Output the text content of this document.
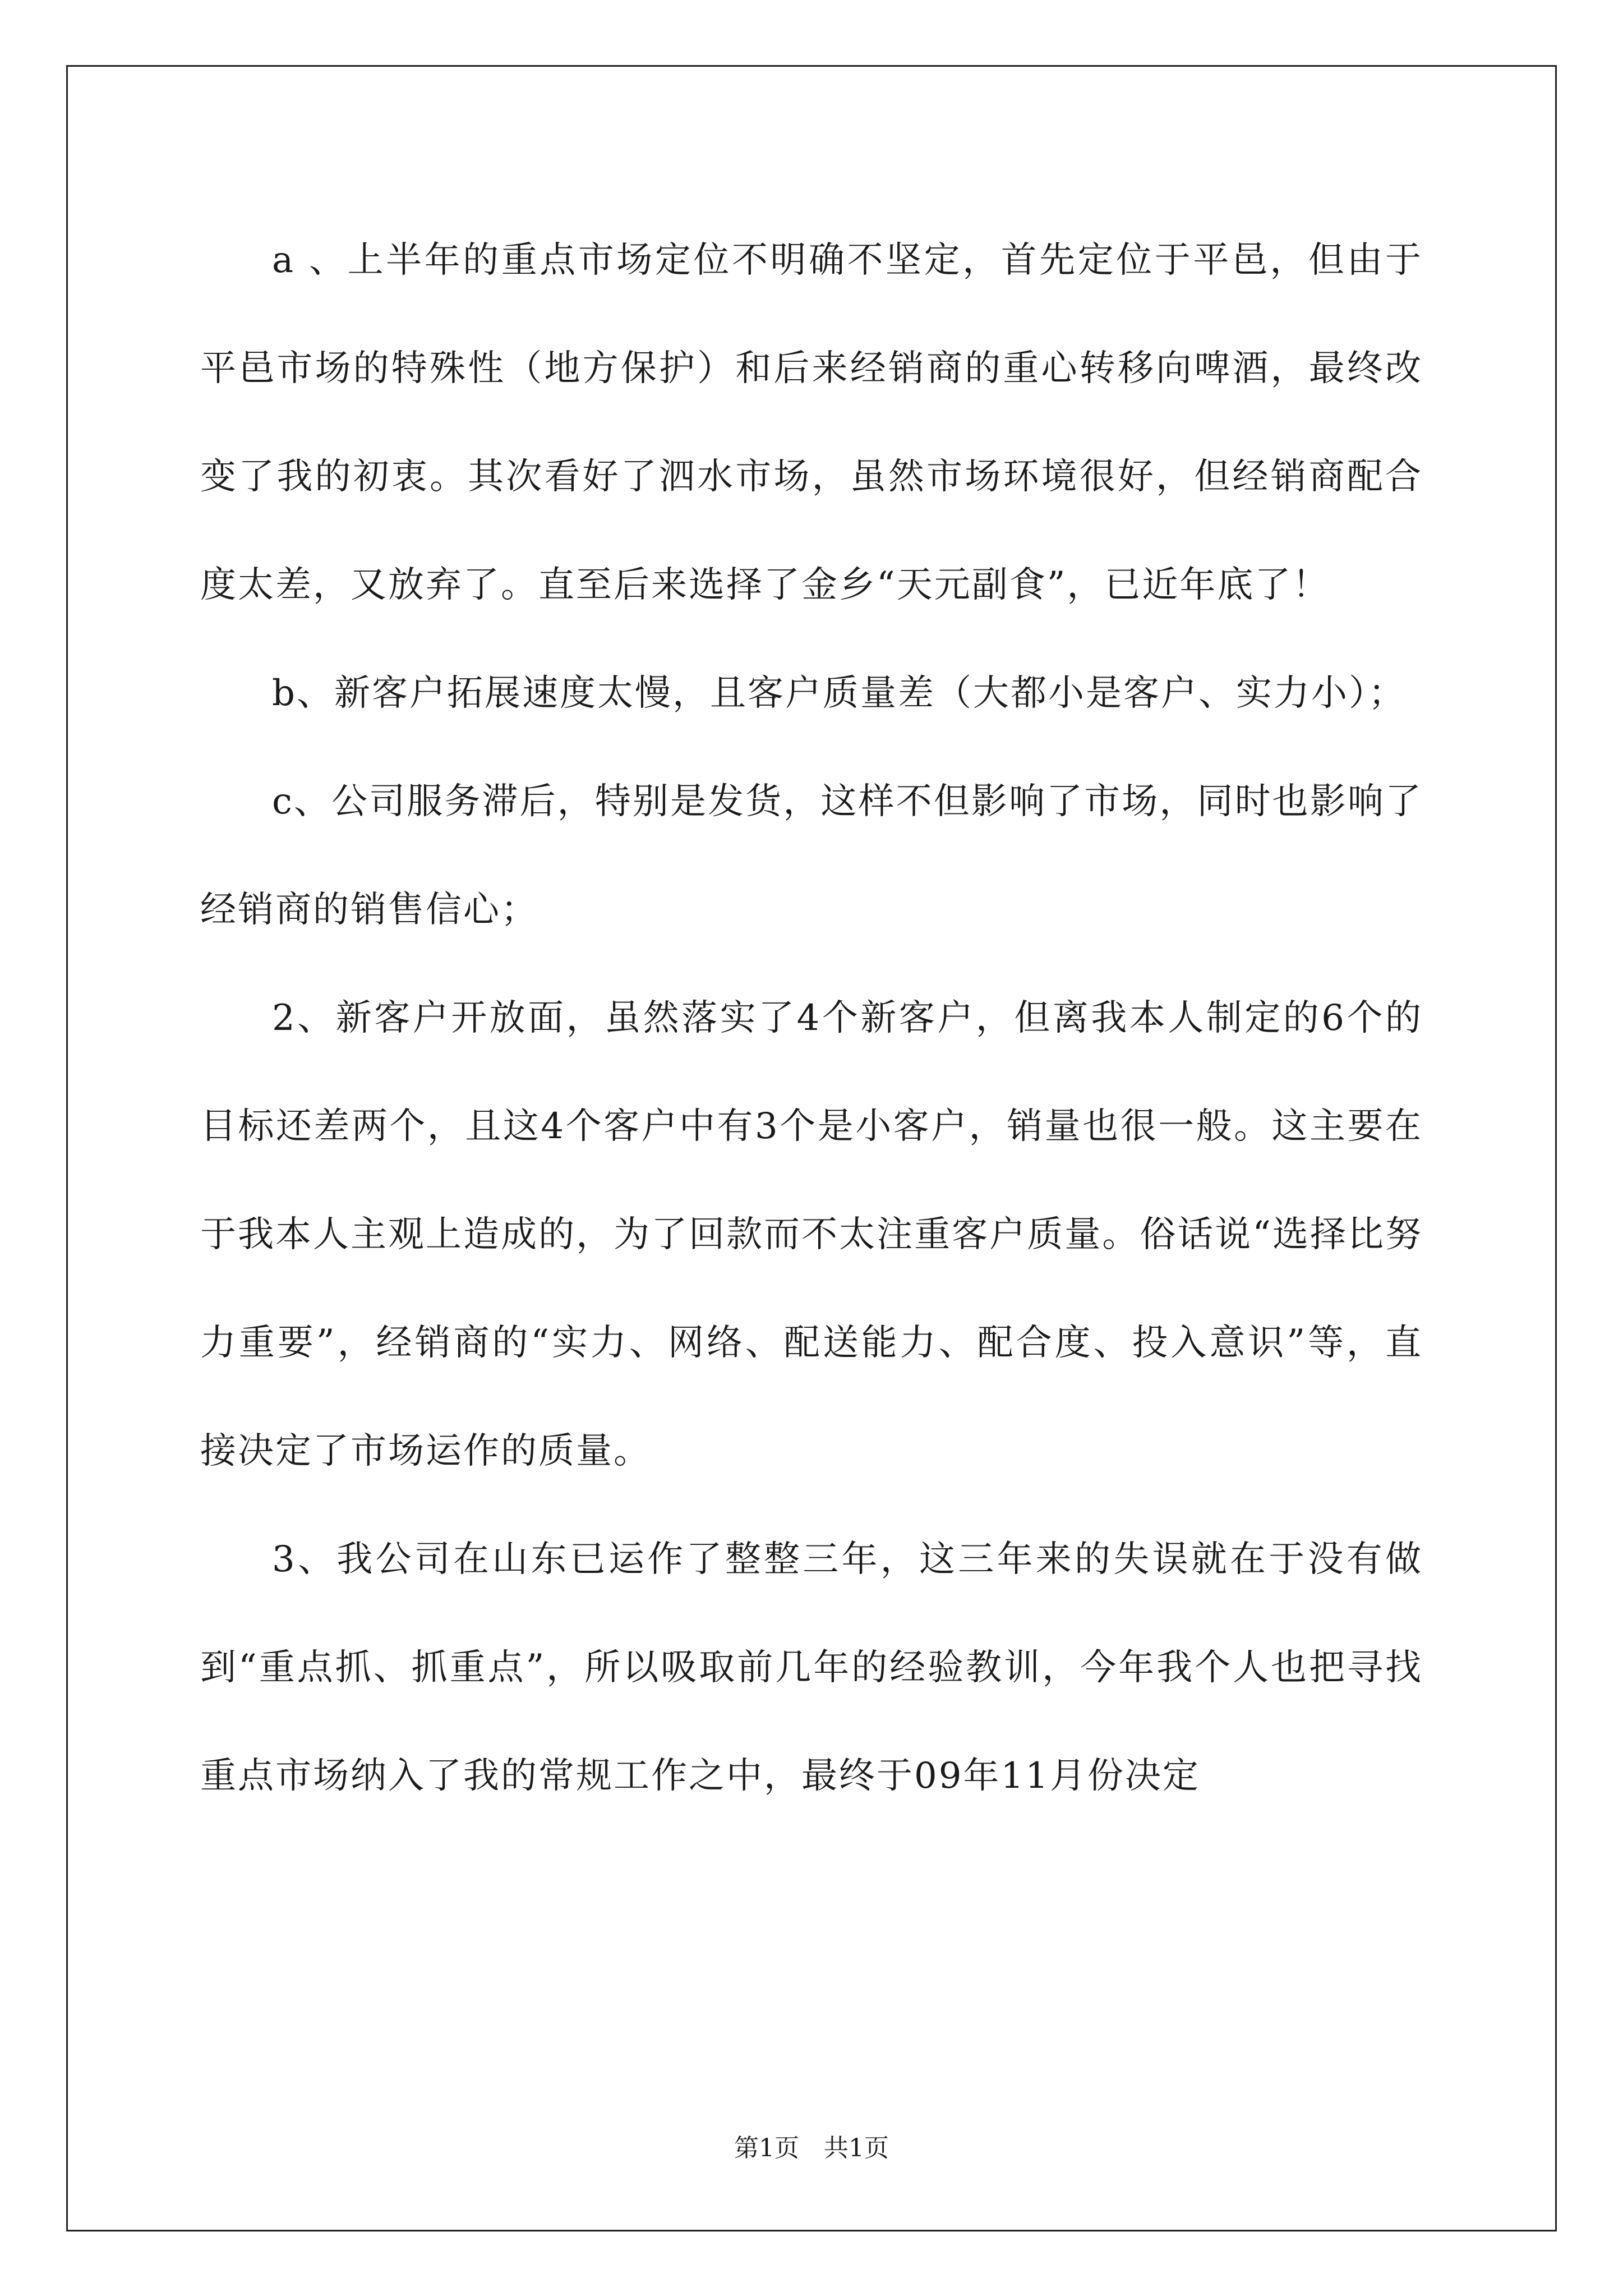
a 、上半年的重点市场定位不明确不坚定，首先定位于平邑，但由于平邑市场的特殊性（地方保护）和后来经销商的重心转移向啤酒，最终改变了我的初衷。其次看好了泗水市场，虽然市场环境很好，但经销商配合度太差，又放弃了。直至后来选择了金乡“天元副食”，已近年底了！

b、新客户拓展速度太慢，且客户质量差（大都小是客户、实力小）；

c、公司服务滞后，特别是发货，这样不但影响了市场，同时也影响了经销商的销售信心；

2、新客户开放面，虽然落实了4个新客户，但离我本人制定的6个的目标还差两个，且这4个客户中有3个是小客户，销量也很一般。这主要在于我本人主观上造成的，为了回款而不太注重客户质量。俗话说“选择比努力重要”，经销商的“实力、网络、配送能力、配合度、投入意识”等，直接决定了市场运作的质量。

3、我公司在山东已运作了整整三年，这三年来的失误就在于没有做到“重点抓、抓重点”，所以吸取前几年的经验教训，今年我个人也把寻找重点市场纳入了我的常规工作之中，最终于09年11月份决定

第1页 共1页
